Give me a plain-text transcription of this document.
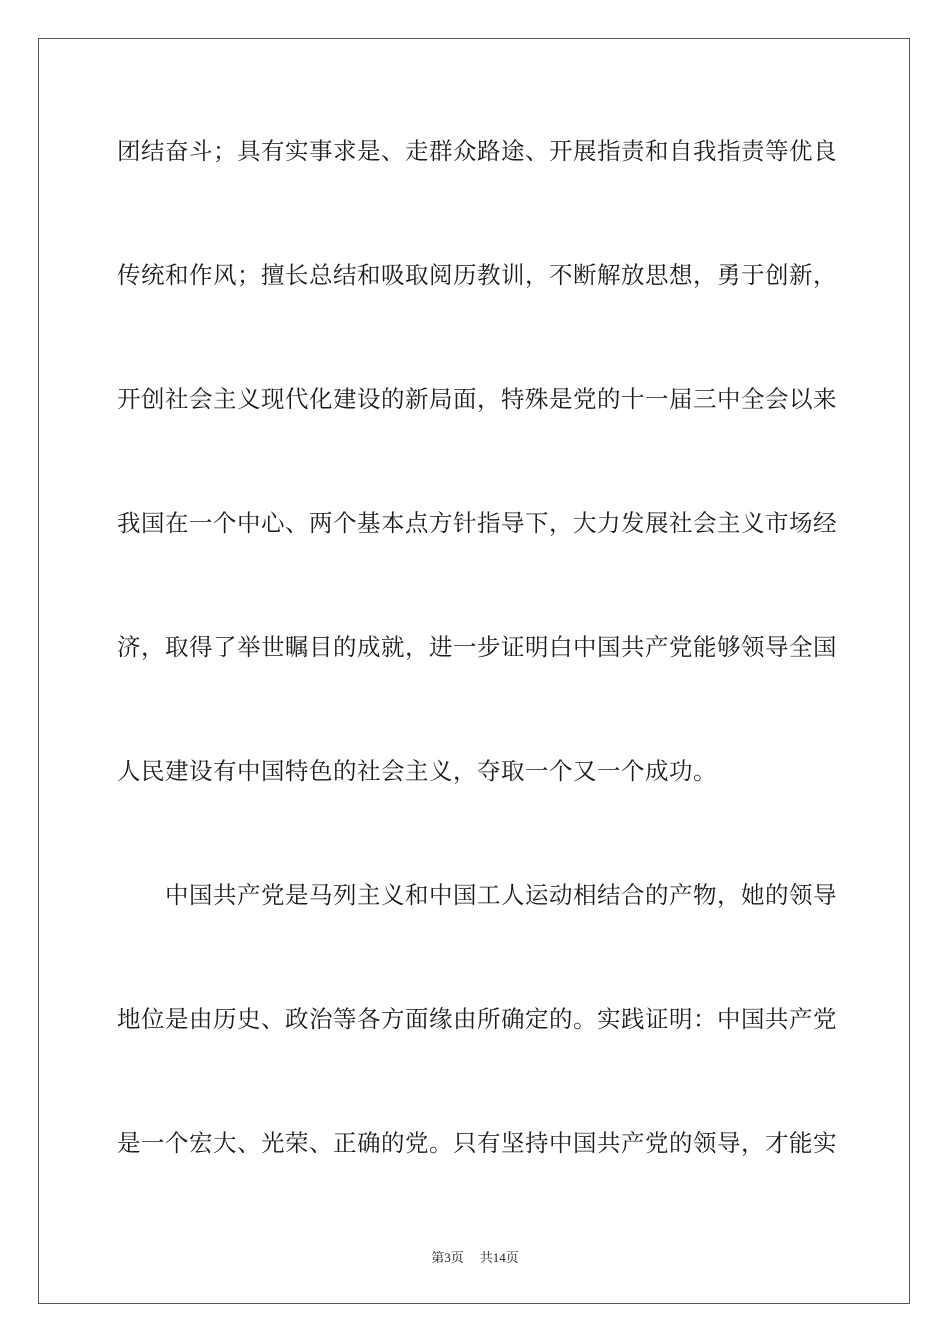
团结奋斗；具有实事求是、走群众路途、开展指责和自我指责等优良
传统和作风；擅长总结和吸取阅历教训，不断解放思想，勇于创新，
开创社会主义现代化建设的新局面，特殊是党的十一届三中全会以来
我国在一个中心、两个基本点方针指导下，大力发展社会主义市场经
济，取得了举世瞩目的成就，进一步证明白中国共产党能够领导全国
人民建设有中国特色的社会主义，夺取一个又一个成功。
中国共产党是马列主义和中国工人运动相结合的产物，她的领导
地位是由历史、政治等各方面缘由所确定的。实践证明：中国共产党
是一个宏大、光荣、正确的党。只有坚持中国共产党的领导，才能实
第3页 共14页
